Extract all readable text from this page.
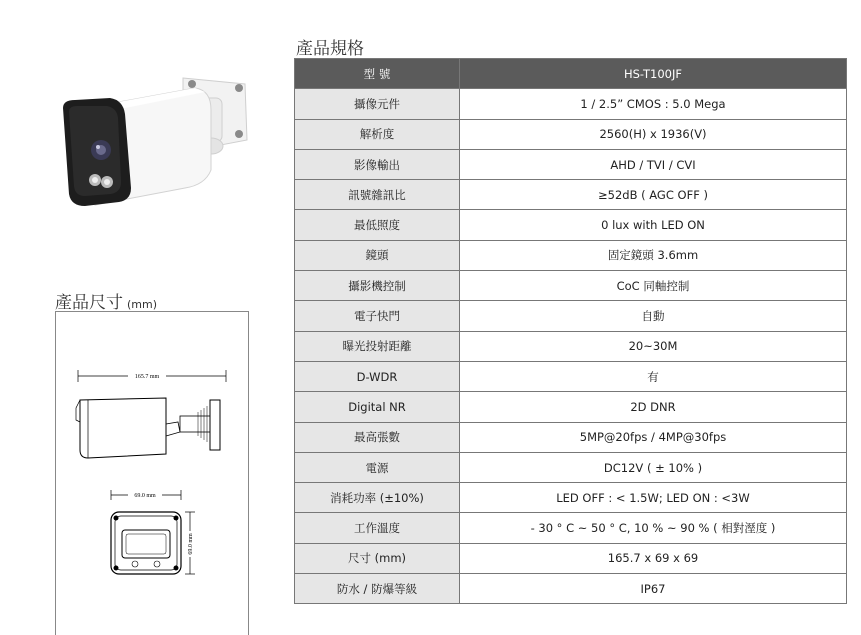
產品尺寸 (mm)
165.7 mm
69.0 mm
69.0 mm
產品規格
型 號	HS-T100JF
攝像元件	1 / 2.5” CMOS : 5.0 Mega
解析度	2560(H) x 1936(V)
影像輸出	AHD / TVI / CVI
訊號雜訊比	≥52dB ( AGC OFF )
最低照度	0 lux with LED ON
鏡頭	固定鏡頭 3.6mm
攝影機控制	CoC 同軸控制
電子快門	自動
曝光投射距離	20~30M
D-WDR	有
Digital NR	2D DNR
最高張數	5MP@20fps / 4MP@30fps
電源	DC12V ( ± 10% )
消耗功率 (±10%)	LED OFF : < 1.5W; LED ON : <3W
工作溫度	- 30 ° C ~ 50 ° C, 10 % ~ 90 % ( 相對溼度 )
尺寸 (mm)	165.7 x 69 x 69
防水 / 防爆等級	IP67
